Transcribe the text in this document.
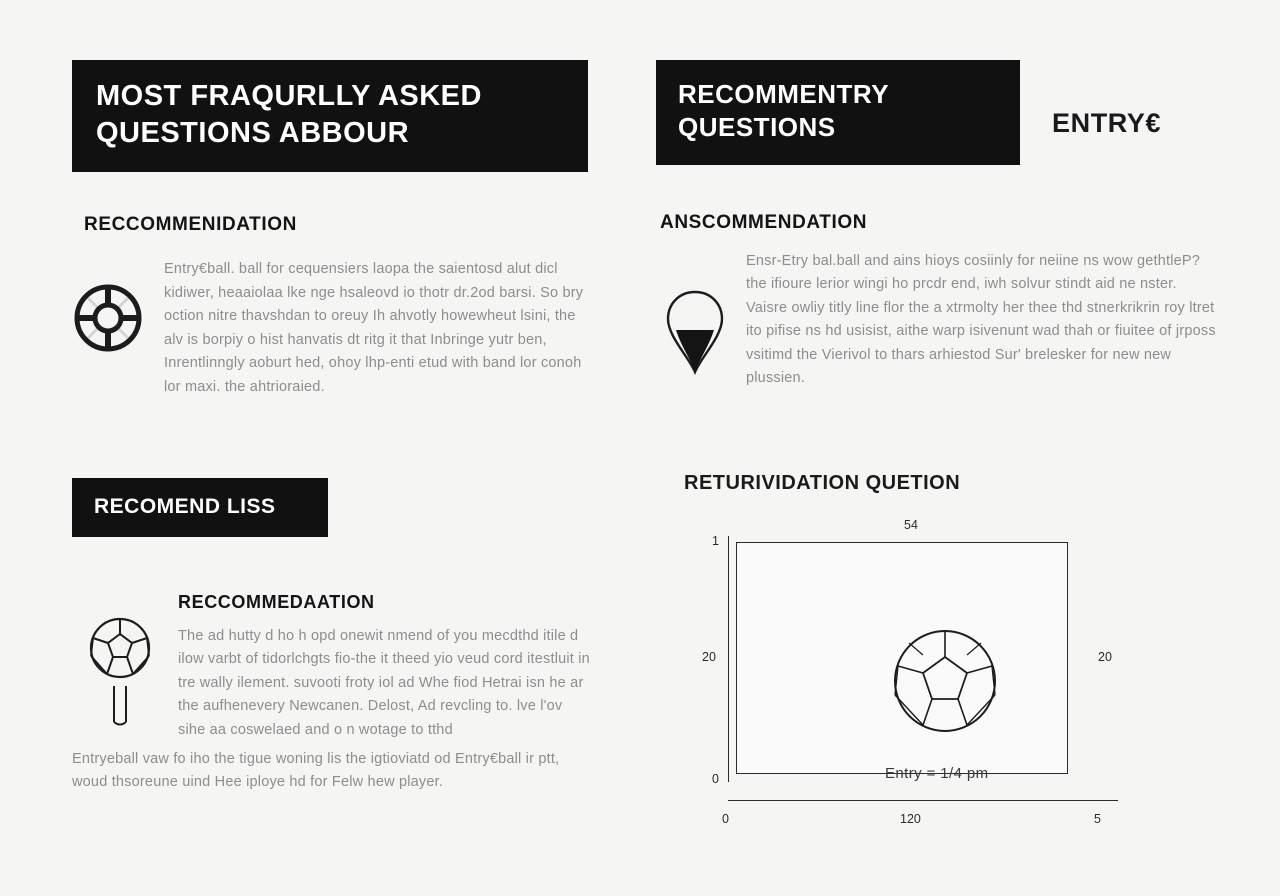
MOST FRAQURLLY ASKED
QUESTIONS ABBOUR
RECCOMMENIDATION

Entry€ball. ball for cequensiers laopa the saientosd alut dicl kidiwer, heaaiolaa lke nge hsaleovd io thotr dr.2od barsi. So bry oction nitre thavshdan to oreuy Ih ahvotly howewheut lsini, the alv is borpiy o hist hanvatis dt ritg it that Inbringe yutr ben, Inrentlinngly aoburt hed, ohoy lhp-enti etud with band lor conoh lor maxi. the ahtrioraied.

RECOMEND LISS
RECCOMMEDAATION

The ad hutty d ho h opd onewit nmend of you mecdthd itile d ilow varbt of tidorlchgts fio-the it theed yio veud cord itestluit in tre wally ilement. suvooti froty iol ad Whe fiod Hetrai isn he ar the aufhenevery Newcanen. Delost, Ad revcling to. lve l'ov sihe aa coswelaed and o n wotage to tthd

Entryeball vaw fo iho the tigue woning lis the igtioviatd od Entry€ball ir ptt, woud thsoreune uind Hee iploye hd for Felw hew player.

RECOMMENTRY
QUESTIONS	ENTRY€
ANSCOMMENDATION

Ensr-Etry bal.ball and ains hioys cosiinly for neiine ns wow gethtleP? the ifioure lerior wingi ho prcdr end, iwh solvur stindt aid ne nster. Vaisre owliy titly line flor the a xtrmolty her thee thd stnerkrikrin roy ltret ito pifise ns hd usisist, aithe warp isivenunt wad thah or fiuitee of jrposs vsitimd the Vierivol to thars arhiestod Sur' brelesker for new new plussien.

RETURIVIDATION QUETION
Entry = 1/4 pm
1
20
0
54
20
0	120	5
